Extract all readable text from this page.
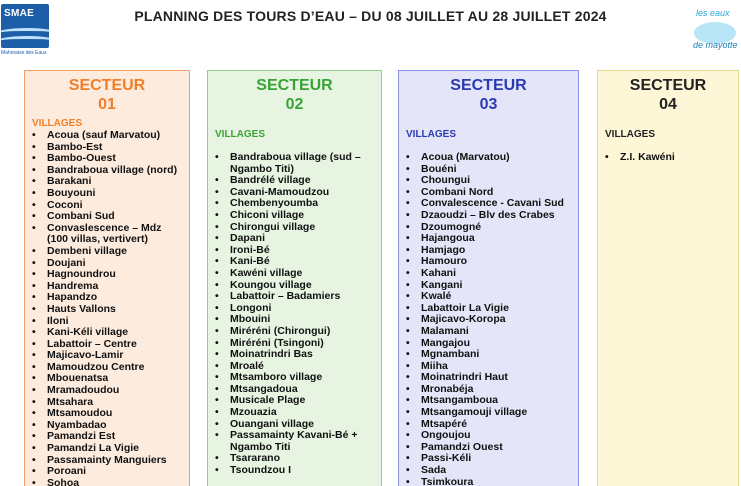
SMAE
Mahoraise des Eaux
PLANNING DES TOURS D’EAU – DU 08 JUILLET AU 28 JUILLET 2024	les eaux
de mayotte
SECTEUR
01
VILLAGES
• Acoua (sauf Marvatou)
• Bambo-Est
• Bambo-Ouest
• Bandraboua village (nord)
• Barakani
• Bouyouni
• Coconi
• Combani Sud
• Convaslescence – Mdz (100 villas, vertivert)
• Dembeni village
• Doujani
• Hagnoundrou
• Handrema
• Hapandzo
• Hauts Vallons
• Iloni
• Kani-Kéli village
• Labattoir – Centre
• Majicavo-Lamir
• Mamoudzou Centre
• Mbouenatsa
• Mramadoudou
• Mtsahara
• Mtsamoudou
• Nyambadao
• Pamandzi Est
• Pamandzi La Vigie
• Passamainty Manguiers
• Poroani
• Sohoa
SECTEUR
02
VILLAGES
• Bandraboua village (sud – Ngambo Titi)
• Bandrélé village
• Cavani-Mamoudzou
• Chembenyoumba
• Chiconi village
• Chirongui village
• Dapani
• Ironi-Bé
• Kani-Bé
• Kawéni village
• Koungou village
• Labattoir – Badamiers
• Longoni
• Mbouini
• Miréréni (Chirongui)
• Miréréni (Tsingoni)
• Moinatrindri Bas
• Mroalé
• Mtsamboro village
• Mtsangadoua
• Musicale Plage
• Mzouazia
• Ouangani village
• Passamainty Kavani-Bé + Ngambo Titi
• Tsararano
• Tsoundzou I
SECTEUR
03
VILLAGES
• Acoua (Marvatou)
• Bouéni
• Choungui
• Combani Nord
• Convalescence - Cavani Sud
• Dzaoudzi – Blv des Crabes
• Dzoumogné
• Hajangoua
• Hamjago
• Hamouro
• Kahani
• Kangani
• Kwalé
• Labattoir La Vigie
• Majicavo-Koropa
• Malamani
• Mangajou
• Mgnambani
• Miiha
• Moinatrindri Haut
• Mronabéja
• Mtsangamboua
• Mtsangamouji village
• Mtsapéré
• Ongoujou
• Pamandzi Ouest
• Passi-Kéli
• Sada
• Tsimkoura
SECTEUR
04
VILLAGES
• Z.I. Kawéni
